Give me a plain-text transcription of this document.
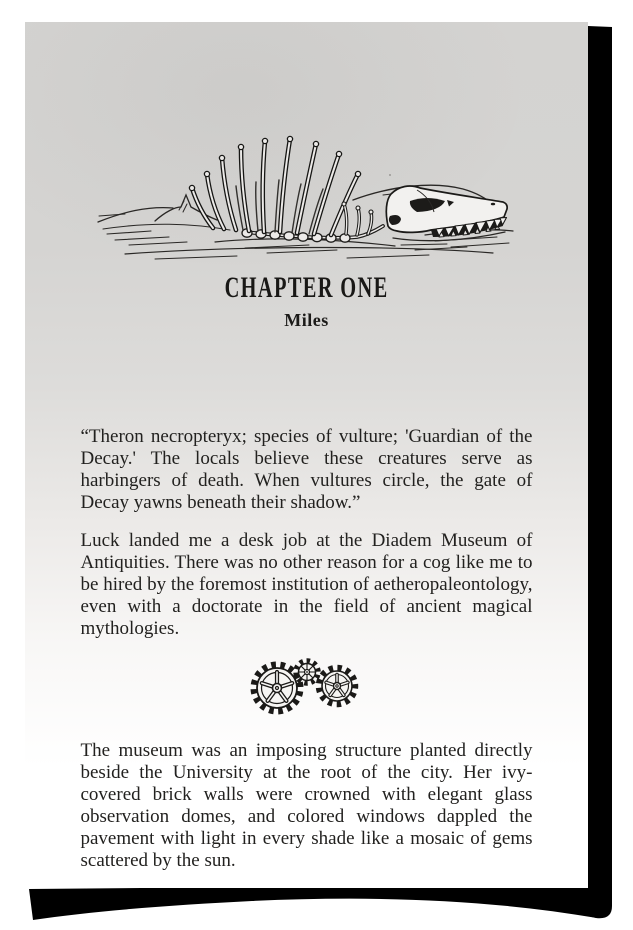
CHAPTER ONE
Miles

“Theron necropteryx; species of vulture; 'Guardian of the Decay.' The locals believe these creatures serve as harbingers of death. When vultures circle, the gate of Decay yawns beneath their shadow.”

Luck landed me a desk job at the Diadem Museum of Antiquities. There was no other reason for a cog like me to be hired by the foremost institution of aetheropaleontology, even with a doctorate in the field of ancient magical mythologies.

The museum was an imposing structure planted directly beside the University at the root of the city. Her ivy-covered brick walls were crowned with elegant glass observation domes, and colored windows dappled the pavement with light in every shade like a mosaic of gems scattered by the sun.
